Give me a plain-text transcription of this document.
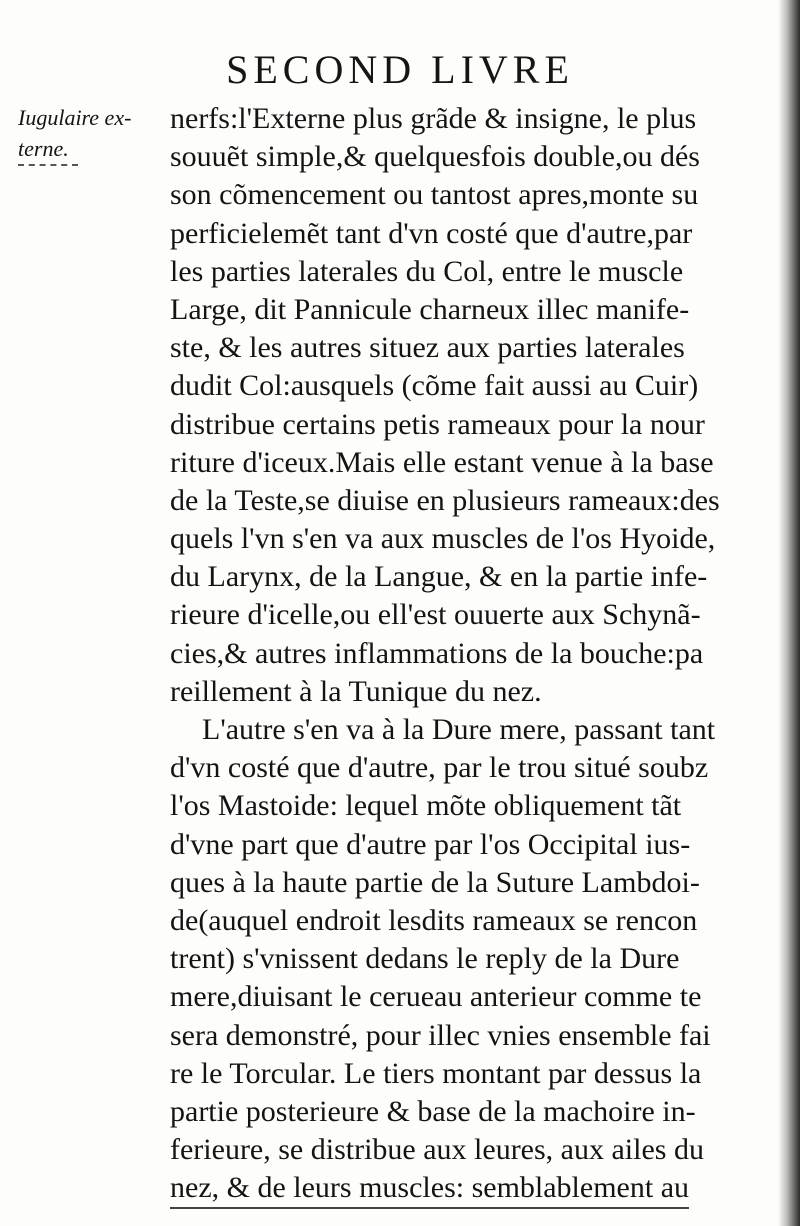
SECOND LIVRE
Iugulaire ex-
terne.
nerfs:l'Externe plus grãde & insigne, le plus
souuẽt simple,& quelquesfois double,ou dés
son cõmencement ou tantost apres,monte su
perficielemẽt tant d'vn costé que d'autre,par
les parties laterales du Col, entre le muscle
Large, dit Pannicule charneux illec manife-
ste, & les autres situez aux parties laterales
dudit Col:ausquels (cõme fait aussi au Cuir)
distribue certains petis rameaux pour la nour
riture d'iceux.Mais elle estant venue à la base
de la Teste,se diuise en plusieurs rameaux:des
quels l'vn s'en va aux muscles de l'os Hyoide,
du Larynx, de la Langue, & en la partie infe-
rieure d'icelle,ou ell'est ouuerte aux Schynã-
cies,& autres inflammations de la bouche:pa
reillement à la Tunique du nez.
L'autre s'en va à la Dure mere, passant tant
d'vn costé que d'autre, par le trou situé soubz
l'os Mastoide: lequel mõte obliquement tãt
d'vne part que d'autre par l'os Occipital ius-
ques à la haute partie de la Suture Lambdoi-
de(auquel endroit lesdits rameaux se rencon
trent) s'vnissent dedans le reply de la Dure
mere,diuisant le cerueau anterieur comme te
sera demonstré, pour illec vnies ensemble fai
re le Torcular. Le tiers montant par dessus la
partie posterieure & base de la machoire in-
ferieure, se distribue aux leures, aux ailes du
nez, & de leurs muscles: semblablement au
